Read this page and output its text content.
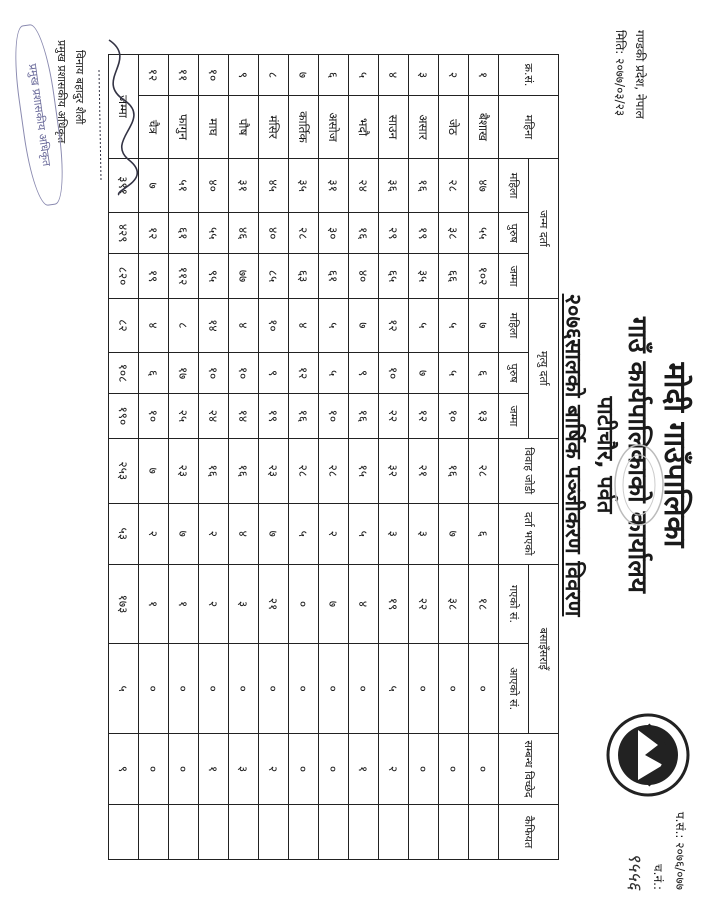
प.सं.: २०७६/०७७
च.नं.:
९५५६
मोदी गाउँपालिका
गाउँ कार्यपालिकाको कार्यालय
पाटीचौर, पर्वत
२०७६सालको बार्षिक पञ्जीकरण विवरण
गण्डकी प्रदेश, नेपाल
मिति: २०७७/०३/२३
क्र.सं.	महिना	जन्म दर्ता			मृत्यु दर्ता			विवाह जोडी	दर्ता भएको	बसाइँसराइँ		सम्बन्ध विच्छेद	कैफियत
		महिला	पुरुष	जम्मा	महिला	पुरुष	जम्मा			गएको सं.	आएको सं.		
१	बैशाख	४७	५५	१०२	७	६	१३	२८	६	१८	०	०	
२	जेठ	२८	३८	६६	५	५	१०	१६	७	३८	०	०	
३	असार	१६	१९	३५	५	७	१२	२१	३	२२	०	०	
४	साउन	३६	२९	६५	१२	१०	२२	३२	३	१९	५	२	
५	भदौ	२४	१६	४०	७	९	१६	१५	५	४	०	१	
६	असोज	३१	३०	६१	५	५	१०	२८	२	७	०	०	
७	कार्तिक	३५	२८	६३	४	१२	१६	२८	५	०	०	०	
८	मंसिर	४५	४०	८५	१०	९	१९	२३	७	२१	०	२	
९	पौष	३१	४६	७७	४	१०	१४	१६	४	३	०	३	
१०	माघ	४०	५५	९५	१४	१०	२४	१६	२	२	०	१	
११	फागुन	५१	६१	११२	८	१७	२५	२३	७	१	०	०	
१२	चैत्र	७	१२	१९	४	६	१०	७	२	१	०	०	
जम्मा		३९१	४२९	८२०	८२	१०८	१९०	२५३	५३	१७३	५	९	
विनाय बहादुर शैली
प्रमुख प्रशासकीय अधिकृत
प्रमुख प्रशासकीय अधिकृत
